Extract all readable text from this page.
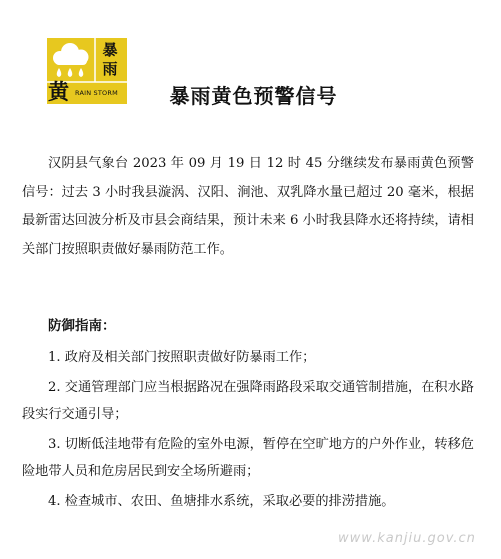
暴
雨
黄 RAIN STORM	暴雨黄色预警信号

汉阴县气象台 2023 年 09 月 19 日 12 时 45 分继续发布暴雨黄色预警信号：过去 3 小时我县漩涡、汉阳、涧池、双乳降水量已超过 20 毫米，根据最新雷达回波分析及市县会商结果，预计未来 6 小时我县降水还将持续，请相关部门按照职责做好暴雨防范工作。

防御指南：
1. 政府及相关部门按照职责做好防暴雨工作；
2. 交通管理部门应当根据路况在强降雨路段采取交通管制措施，在积水路段实行交通引导；
3. 切断低洼地带有危险的室外电源，暂停在空旷地方的户外作业，转移危险地带人员和危房居民到安全场所避雨；
4. 检查城市、农田、鱼塘排水系统，采取必要的排涝措施。
www.kanjiu.gov.cn
